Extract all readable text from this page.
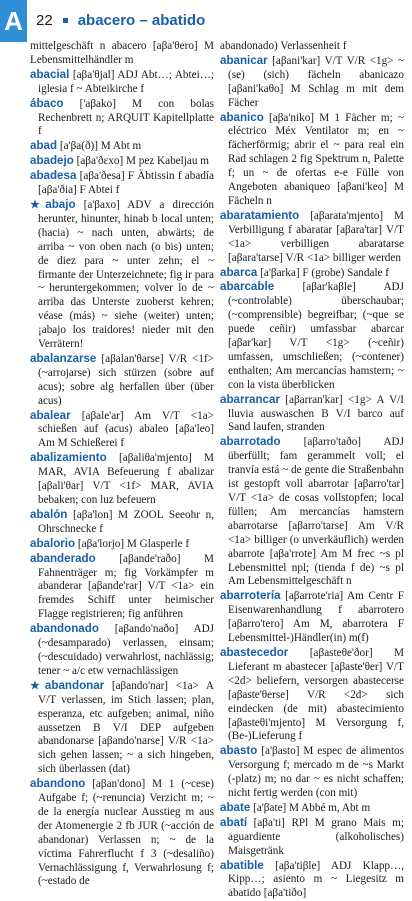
A 22 abacero – abatido
mittelgeschäft n abacero [aβa'θero] M Lebensmittelhändler m
abacial [aβa'θjal] ADJ Abt…; Abtei…; iglesia f ~ Abteikirche f
ábaco ['aβako] M con bolas Rechenbrett n; ARQUIT Kapitellplatte f
abad [a'βa(ð)] M Abt m
abadejo [aβa'ðɛxo] M pez Kabeljau m
abadesa [aβa'ðesa] F Äbtissin f abadía [aβa'ðia] F Abtei f
★abajo [a'βaxo] ADV a dirección herunter, hinunter, hinab b local unten; (hacia) ~ nach unten, abwärts; de arriba ~ von oben nach (o bis) unten; de diez para ~ unter zehn; el ~ firmante der Unterzeichnete; fig ir para ~ heruntergekommen; volver lo de ~ arriba das Unterste zuoberst kehren; véase (más) ~ siehe (weiter) unten; ¡abajo los traidores! nieder mit den Verrätern!
abalanzarse [aβalan'θarse] V/R <1f> (~arrojarse) sich stürzen (sobre auf acus); sobre alg herfallen über (über acus)
abalear [aβale'ar] Am V/T <1a> schießen auf (acus) abaleo [aβa'leo] Am M Schießerei f
abalizamiento [aβaliθa'mjento] M MAR, AVIA Befeuerung f abalizar [aβali'θar] V/T <1f> MAR, AVIA bebaken; con luz befeuern
abalón [aβa'lon] M ZOOL Seeohr n, Ohrschnecke f
abalorio [aβa'lorjo] M Glasperle f
abanderado [aβande'raðo] M Fahnenträger m; fig Vorkämpfer m abanderar [aβande'rar] V/T <1a> ein fremdes Schiff unter heimischer Flagge registrieren; fig anführen
abandonado [aβando'naðo] ADJ (~desamparado) verlassen, einsam; (~descuidado) verwahrlost, nachlässig; tener ~ a/c etw vernachlässigen
★abandonar [aβando'nar] <1a> A V/T verlassen, im Stich lassen; plan, esperanza, etc aufgeben; animal, niño aussetzen B V/I DEP aufgeben abandonarse [aβando'narse] V/R <1a> sich gehen lassen; ~ a sich hingeben, sich überlassen (dat)
abandono [aβan'dono] M 1 (~cese) Aufgabe f; (~renuncia) Verzicht m; ~ de la energía nuclear Ausstieg m aus der Atomenergie 2 fb JUR (~acción de abandonar) Verlassen n; ~ de la víctima Fahrerflucht f 3 (~desaliño) Vernachlässigung f, Verwahrlosung f; (~estado de
abandonado) Verlassenheit f
abanicar [aβani'kar] V/T V/R <1g> ~(se) (sich) fächeln abanicazo [aβani'kaθo] M Schlag m mit dem Fächer
abanico [aβa'niko] M 1 Fächer m; ~ eléctrico Méx Ventilator m; en ~ fächerförmig; abrir el ~ para real ein Rad schlagen 2 fig Spektrum n, Palette f; un ~ de ofertas e-e Fülle von Angeboten abaniqueo [aβani'keo] M Fächeln n
abaratamiento [aβarata'mjento] M Verbilligung f abaratar [aβara'tar] V/T <1a> verbilligen abaratarse [aβara'tarse] V/R <1a> billiger werden
abarca [a'βarka] F (grobe) Sandale f
abarcable [aβar'kaβle] ADJ (~controlable) überschaubar; (~comprensible) begreifbar; (~que se puede ceñir) umfassbar abarcar [aβar'kar] V/T <1g> (~ceñir) umfassen, umschließen; (~contener) enthalten; Am mercancías hamstern; ~ con la vista überblicken
abarrancar [aβarran'kar] <1g> A V/I lluvia auswaschen B V/I barco auf Sand laufen, stranden
abarrotado [aβarro'taðo] ADJ überfüllt; fam gerammelt voll; el tranvía está ~ de gente die Straßenbahn ist gestopft voll abarrotar [aβarro'tar] V/T <1a> de cosas vollstopfen; local füllen; Am mercancías hamstern abarrotarse [aβarro'tarse] Am V/R <1a> billiger (o unverkäuflich) werden abarrote [aβa'rrote] Am M frec ~s pl Lebensmittel npl; (tienda f de) ~s pl Am Lebensmittelgeschäft n
abarrotería [aβarrote'ria] Am Centr F Eisenwarenhandlung f abarrotero [aβarro'tero] Am M, abarrotera F Lebensmittel-)Händler(in) m(f)
abastecedor [aβasteθe'ðor] M Lieferant m abastecer [aβaste'θer] V/T <2d> beliefern, versorgen abastecerse [aβaste'θerse] V/R <2d> sich eindecken (de mit) abastecimiento [aβasteθi'mjento] M Versorgung f, (Be-)Lieferung f
abasto [a'βasto] M espec de alimentos Versorgung f; mercado m de ~s Markt (-platz) m; no dar ~ es nicht schaffen; nicht fertig werden (con mit)
abate [a'βate] M Abbé m, Abt m
abatí [aβa'ti] RPl M grano Mais m; aguardiente (alkoholisches) Maisgetränk
abatible [aβa'tiβle] ADJ Klapp…, Kipp…; asiento m ~ Liegesitz m abatido [aβa'tiðo]
